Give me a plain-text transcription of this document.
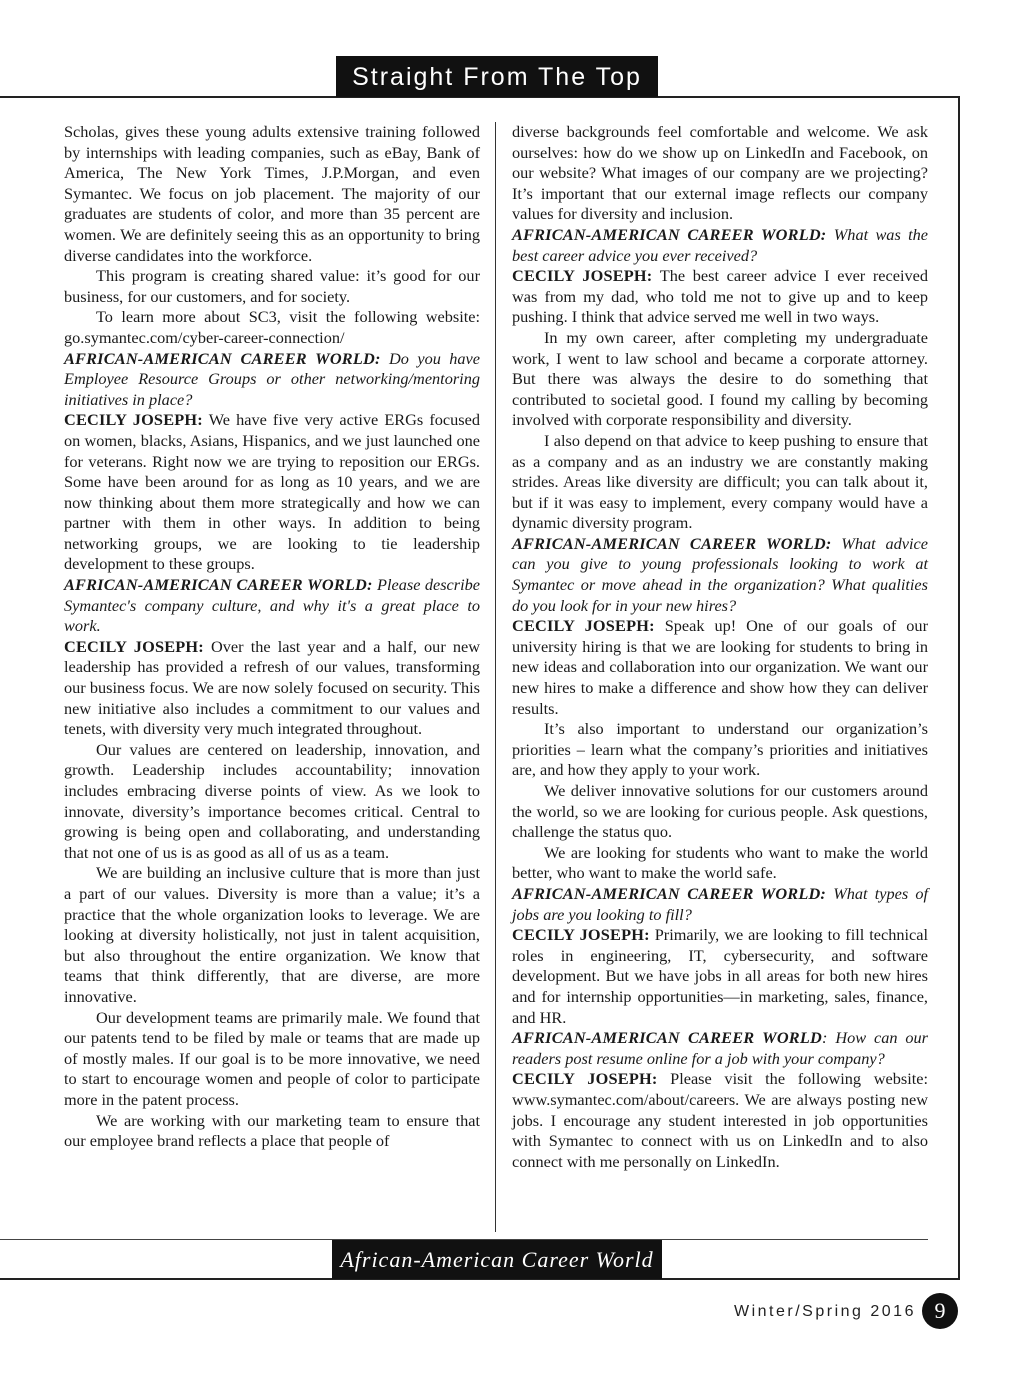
Straight From The Top

Scholas, gives these young adults extensive training followed by internships with leading companies, such as eBay, Bank of America, The New York Times, J.P.Morgan, and even Symantec. We focus on job placement. The majority of our graduates are students of color, and more than 35 percent are women. We are definitely seeing this as an opportunity to bring diverse candidates into the workforce.

This program is creating shared value: it’s good for our business, for our customers, and for society.

To learn more about SC3, visit the following website: go.symantec.com/cyber-career-connection/

AFRICAN-AMERICAN CAREER WORLD: Do you have Employee Resource Groups or other networking/mentoring initiatives in place?

CECILY JOSEPH: We have five very active ERGs focused on women, blacks, Asians, Hispanics, and we just launched one for veterans. Right now we are trying to reposition our ERGs. Some have been around for as long as 10 years, and we are now thinking about them more strategically and how we can partner with them in other ways. In addition to being networking groups, we are looking to tie leadership development to these groups.

AFRICAN-AMERICAN CAREER WORLD: Please describe Symantec's company culture, and why it's a great place to work.

CECILY JOSEPH: Over the last year and a half, our new leadership has provided a refresh of our values, transforming our business focus. We are now solely focused on security. This new initiative also includes a commitment to our values and tenets, with diversity very much integrated throughout.

Our values are centered on leadership, innovation, and growth. Leadership includes accountability; innovation includes embracing diverse points of view. As we look to innovate, diversity’s importance becomes critical. Central to growing is being open and collaborating, and understanding that not one of us is as good as all of us as a team.

We are building an inclusive culture that is more than just a part of our values. Diversity is more than a value; it’s a practice that the whole organization looks to leverage. We are looking at diversity holistically, not just in talent acquisition, but also throughout the entire organization. We know that teams that think differently, that are diverse, are more innovative.

Our development teams are primarily male. We found that our patents tend to be filed by male or teams that are made up of mostly males. If our goal is to be more innovative, we need to start to encourage women and people of color to participate more in the patent process.

We are working with our marketing team to ensure that our employee brand reflects a place that people of

diverse backgrounds feel comfortable and welcome. We ask ourselves: how do we show up on LinkedIn and Facebook, on our website? What images of our company are we projecting? It’s important that our external image reflects our company values for diversity and inclusion.

AFRICAN-AMERICAN CAREER WORLD: What was the best career advice you ever received?

CECILY JOSEPH: The best career advice I ever received was from my dad, who told me not to give up and to keep pushing. I think that advice served me well in two ways.

In my own career, after completing my undergraduate work, I went to law school and became a corporate attorney. But there was always the desire to do something that contributed to societal good. I found my calling by becoming involved with corporate responsibility and diversity.

I also depend on that advice to keep pushing to ensure that as a company and as an industry we are constantly making strides. Areas like diversity are difficult; you can talk about it, but if it was easy to implement, every company would have a dynamic diversity program.

AFRICAN-AMERICAN CAREER WORLD: What advice can you give to young professionals looking to work at Symantec or move ahead in the organization? What qualities do you look for in your new hires?

CECILY JOSEPH: Speak up! One of our goals of our university hiring is that we are looking for students to bring in new ideas and collaboration into our organization. We want our new hires to make a difference and show how they can deliver results.

It’s also important to understand our organization’s priorities – learn what the company’s priorities and initiatives are, and how they apply to your work.

We deliver innovative solutions for our customers around the world, so we are looking for curious people. Ask questions, challenge the status quo.

We are looking for students who want to make the world better, who want to make the world safe.

AFRICAN-AMERICAN CAREER WORLD: What types of jobs are you looking to fill?

CECILY JOSEPH: Primarily, we are looking to fill technical roles in engineering, IT, cybersecurity, and software development. But we have jobs in all areas for both new hires and for internship opportunities—in marketing, sales, finance, and HR.

AFRICAN-AMERICAN CAREER WORLD: How can our readers post resume online for a job with your company?

CECILY JOSEPH: Please visit the following website: www.symantec.com/about/careers. We are always posting new jobs. I encourage any student interested in job opportunities with Symantec to connect with us on LinkedIn and to also connect with me personally on LinkedIn.

African-American Career World
Winter/Spring 2016 9
